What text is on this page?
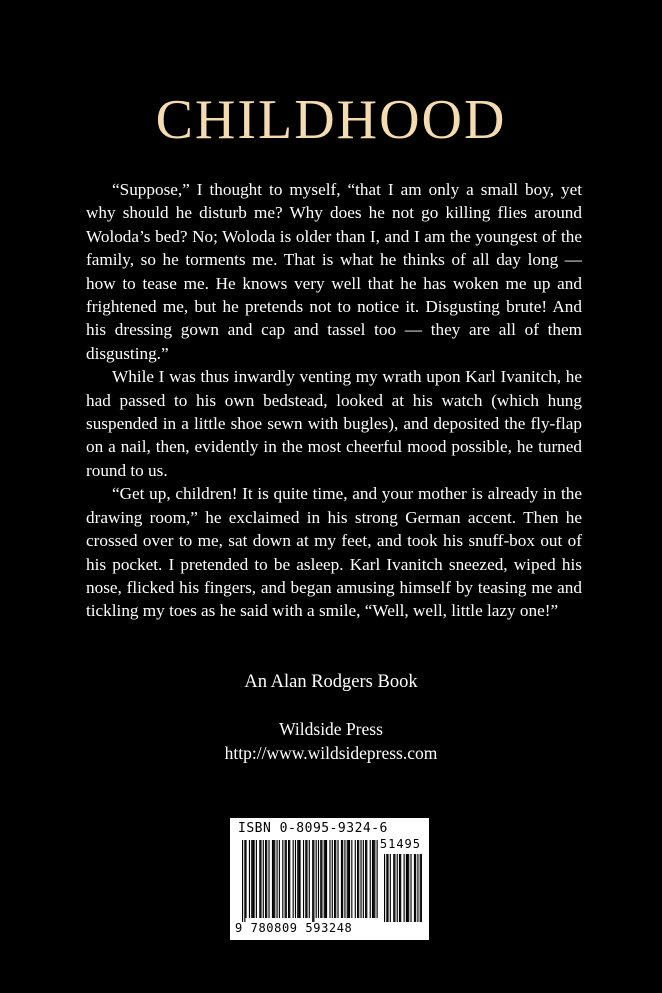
CHILDHOOD

“Suppose,” I thought to myself, “that I am only a small boy, yet why should he disturb me? Why does he not go killing flies around Woloda’s bed? No; Woloda is older than I, and I am the youngest of the family, so he torments me. That is what he thinks of all day long — how to tease me. He knows very well that he has woken me up and frightened me, but he pretends not to notice it. Disgusting brute! And his dressing gown and cap and tassel too — they are all of them disgusting.”

While I was thus inwardly venting my wrath upon Karl Ivanitch, he had passed to his own bedstead, looked at his watch (which hung suspended in a little shoe sewn with bugles), and deposited the fly-flap on a nail, then, evidently in the most cheerful mood possible, he turned round to us.

“Get up, children! It is quite time, and your mother is already in the drawing room,” he exclaimed in his strong German accent. Then he crossed over to me, sat down at my feet, and took his snuff-box out of his pocket. I pretended to be asleep. Karl Ivanitch sneezed, wiped his nose, flicked his fingers, and began amusing himself by teasing me and tickling my toes as he said with a smile, “Well, well, little lazy one!”

An Alan Rodgers Book
Wildside Press
http://www.wildsidepress.com
ISBN 0-8095-9324-6
51495
9 780809 593248
